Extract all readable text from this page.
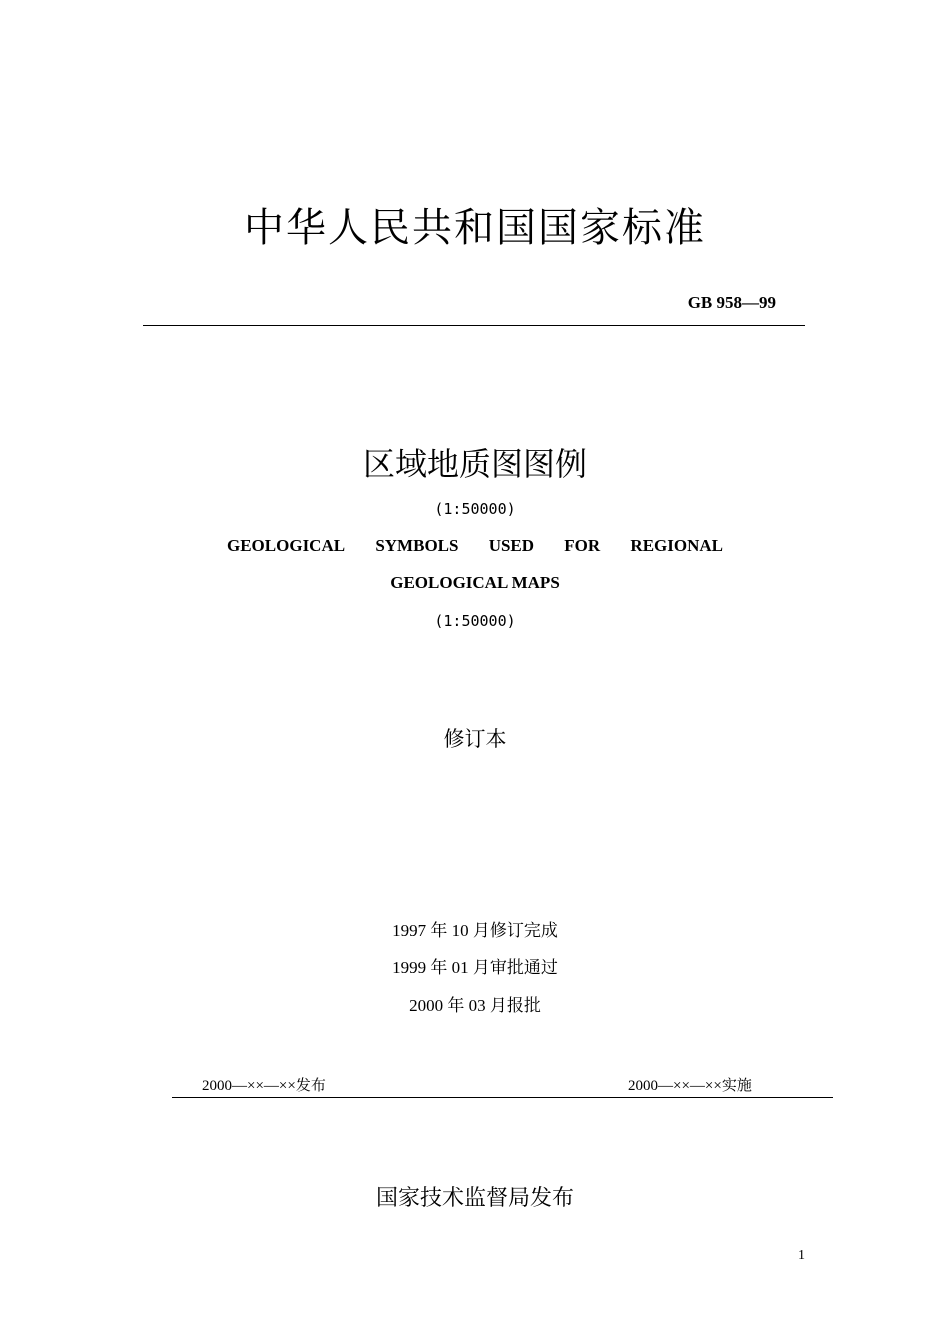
中华人民共和国国家标准
GB 958—99
区域地质图图例
(1:50000)
GEOLOGICAL SYMBOLS USED FOR REGIONAL
GEOLOGICAL MAPS
(1:50000)
修订本
1997 年 10 月修订完成
1999 年 01 月审批通过
2000 年 03 月报批
2000—××—××发布	2000—××—××实施
国家技术监督局发布
1
